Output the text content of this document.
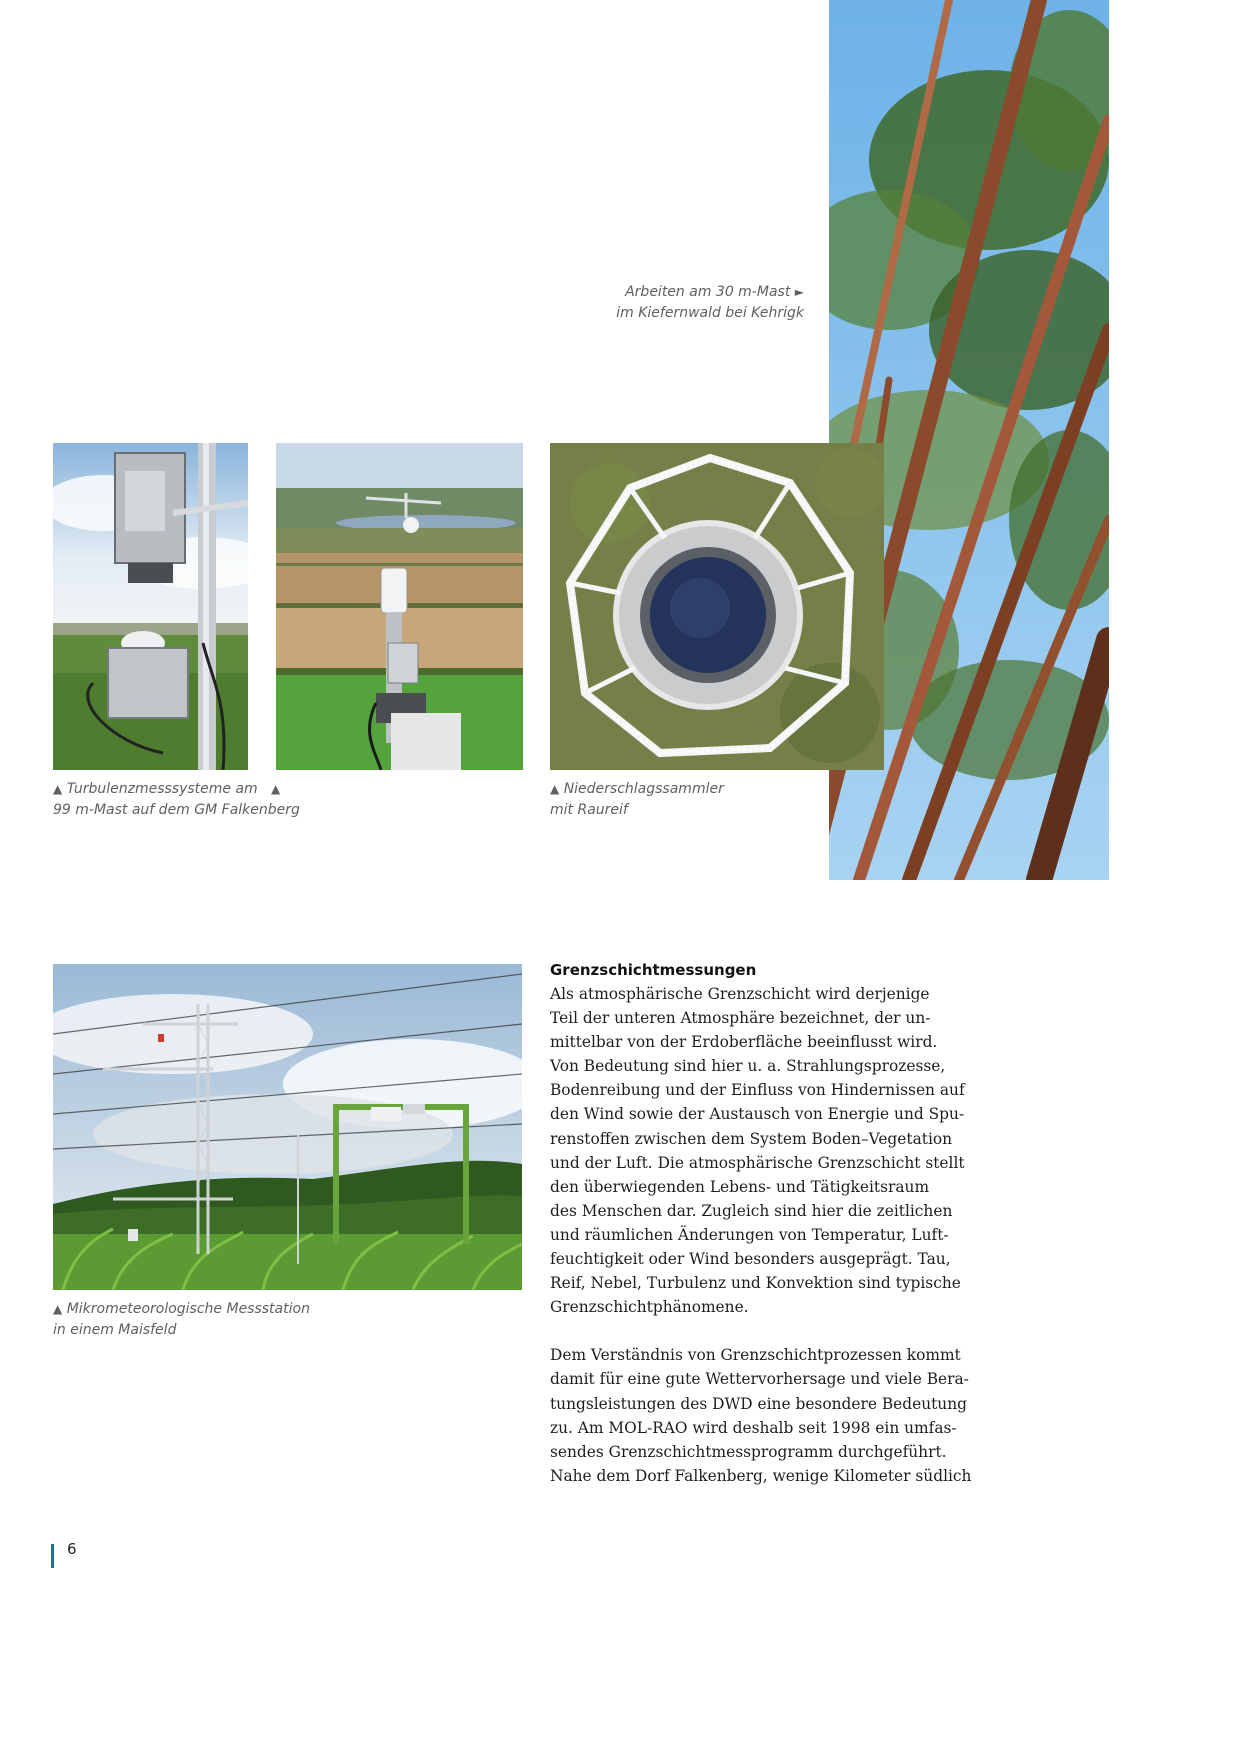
Arbeiten am 30 m-Mast ►
im Kiefernwald bei Kehrigk
▲ Turbulenzmesssysteme am ▲
99 m-Mast auf dem GM Falkenberg
▲ Niederschlagssammler
mit Raureif
▲ Mikrometeorologische Messstation
in einem Maisfeld
Grenzschichtmessungen

Als atmosphärische Grenzschicht wird derjenige
Teil der unteren Atmosphäre bezeichnet, der un-
mittelbar von der Erdoberfläche beeinflusst wird.
Von Bedeutung sind hier u. a. Strahlungsprozesse,
Bodenreibung und der Einfluss von Hindernissen auf
den Wind sowie der Austausch von Energie und Spu-
renstoffen zwischen dem System Boden–Vegetation
und der Luft. Die atmosphärische Grenzschicht stellt
den überwiegenden Lebens- und Tätigkeitsraum
des Menschen dar. Zugleich sind hier die zeitlichen
und räumlichen Änderungen von Temperatur, Luft-
feuchtigkeit oder Wind besonders ausgeprägt. Tau,
Reif, Nebel, Turbulenz und Konvektion sind typische
Grenzschichtphänomene.

Dem Verständnis von Grenzschichtprozessen kommt
damit für eine gute Wettervorhersage und viele Bera-
tungsleistungen des DWD eine besondere Bedeutung
zu. Am MOL-RAO wird deshalb seit 1998 ein umfas-
sendes Grenzschichtmessprogramm durchgeführt.
Nahe dem Dorf Falkenberg, wenige Kilometer südlich

6
